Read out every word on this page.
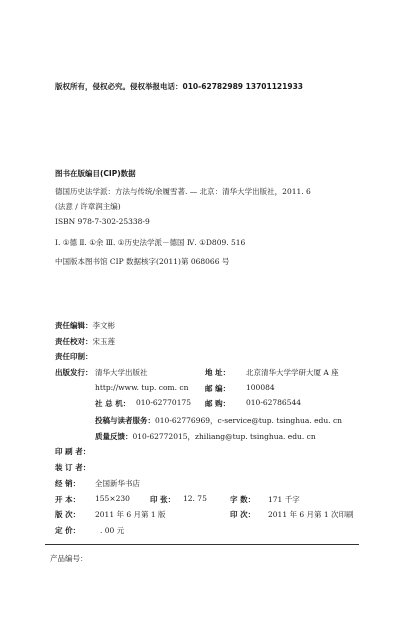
版权所有，侵权必究。侵权举报电话：010-62782989 13701121933
图书在版编目(CIP)数据
德国历史法学派：方法与传统/余履雪著. — 北京：清华大学出版社，2011. 6
(法意 / 许章润主编)
ISBN 978-7-302-25338-9
Ⅰ. ①德 Ⅱ. ①余 Ⅲ. ①历史法学派－德国 Ⅳ. ①D809. 516
中国版本图书馆 CIP 数据核字(2011)第 068066 号
责任编辑：李文彬
责任校对：宋玉莲
责任印制：
出版发行： 清华大学出版社	地 址： 北京清华大学学研大厦 A 座
http://www. tup. com. cn 邮 编： 100084
社 总 机： 010-62770175 邮 购： 010-62786544
投稿与读者服务：010-62776969，c-service@tup. tsinghua. edu. cn
质量反馈：010-62772015，zhiliang@tup. tsinghua. edu. cn
印 刷 者：
装 订 者：
经 销： 全国新华书店
开 本： 155×230	印 张： 12. 75	字 数： 171 千字
版 次： 2011 年 6 月第 1 版	印 次： 2011 年 6 月第 1 次印刷
定 价：	. 00 元
产品编号：
